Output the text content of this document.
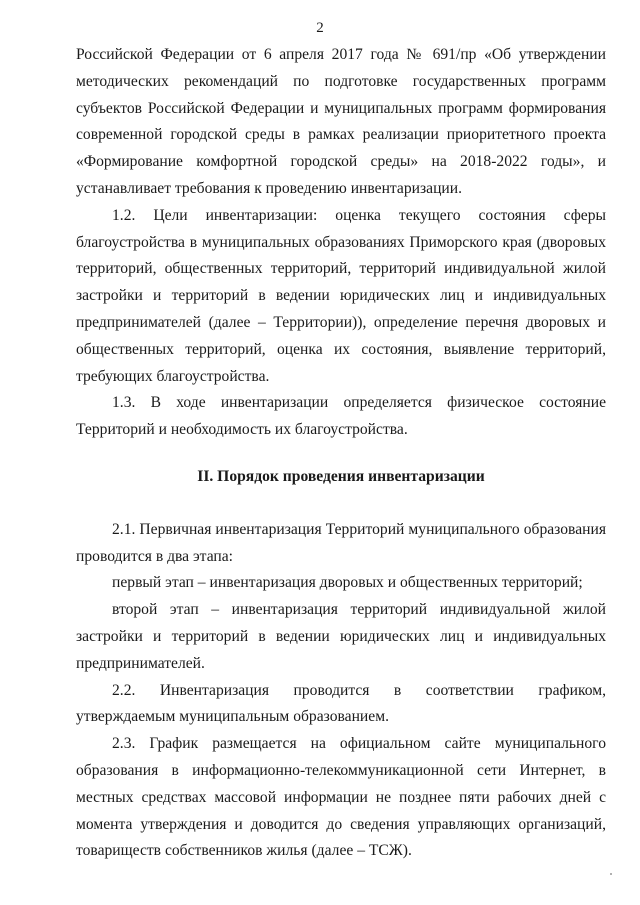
2

Российской Федерации от 6 апреля 2017 года № 691/пр «Об утверждении методических рекомендаций по подготовке государственных программ субъектов Российской Федерации и муниципальных программ формирования современной городской среды в рамках реализации приоритетного проекта «Формирование комфортной городской среды» на 2018-2022 годы», и устанавливает требования к проведению инвентаризации.

1.2. Цели инвентаризации: оценка текущего состояния сферы благоустройства в муниципальных образованиях Приморского края (дворовых территорий, общественных территорий, территорий индивидуальной жилой застройки и территорий в ведении юридических лиц и индивидуальных предпринимателей (далее – Территории)), определение перечня дворовых и общественных территорий, оценка их состояния, выявление территорий, требующих благоустройства.

1.3. В ходе инвентаризации определяется физическое состояние Территорий и необходимость их благоустройства.

II. Порядок проведения инвентаризации

2.1. Первичная инвентаризация Территорий муниципального образования проводится в два этапа:

первый этап – инвентаризация дворовых и общественных территорий;

второй этап – инвентаризация территорий индивидуальной жилой застройки и территорий в ведении юридических лиц и индивидуальных предпринимателей.

2.2. Инвентаризация проводится в соответствии графиком, утверждаемым муниципальным образованием.

2.3. График размещается на официальном сайте муниципального образования в информационно-телекоммуникационной сети Интернет, в местных средствах массовой информации не позднее пяти рабочих дней с момента утверждения и доводится до сведения управляющих организаций, товариществ собственников жилья (далее – ТСЖ).
